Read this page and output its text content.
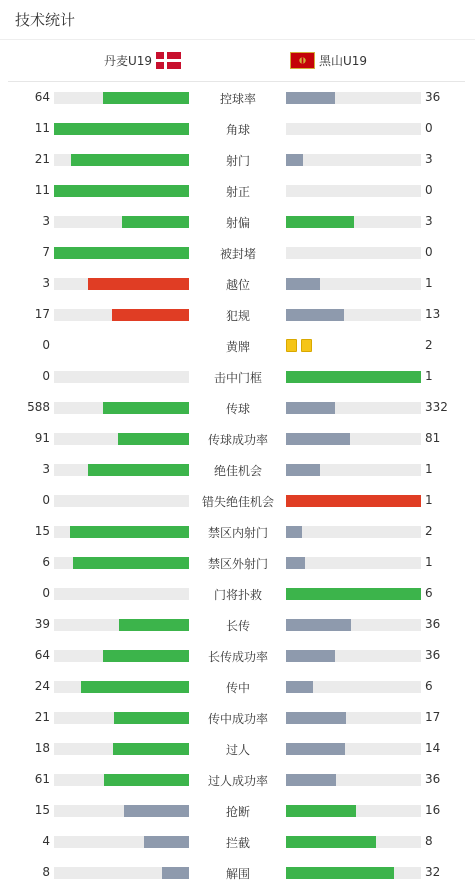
技术统计
丹麦U19	黑山U19
64	控球率	36
11	角球	0
21	射门	3
11	射正	0
3	射偏	3
7	被封堵	0
3	越位	1
17	犯规	13
0	黄牌	2
0	击中门框	1
588	传球	332
91	传球成功率	81
3	绝佳机会	1
0	错失绝佳机会	1
15	禁区内射门	2
6	禁区外射门	1
0	门将扑救	6
39	长传	36
64	长传成功率	36
24	传中	6
21	传中成功率	17
18	过人	14
61	过人成功率	36
15	抢断	16
4	拦截	8
8	解围	32
